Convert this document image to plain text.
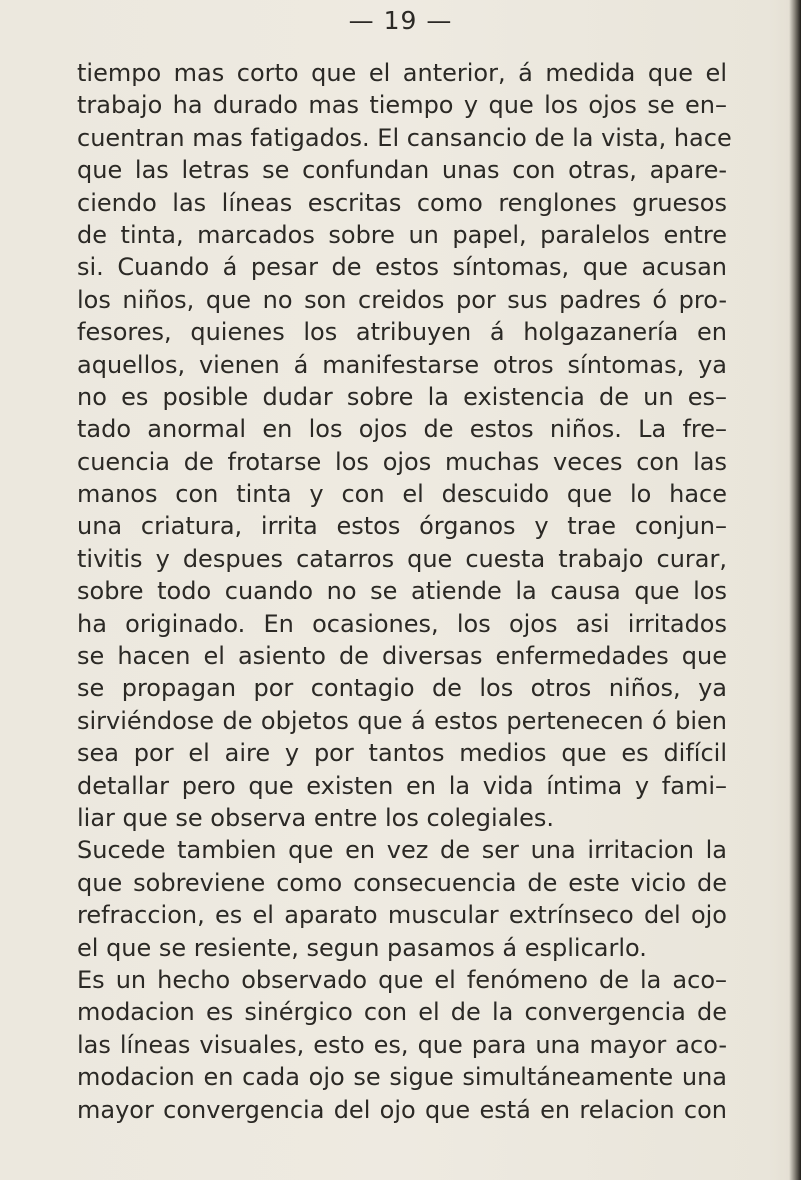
— 19 —
tiempo mas corto que el anterior, á medida que el
trabajo ha durado mas tiempo y que los ojos se en–
cuentran mas fatigados. El cansancio de la vista, hace
que las letras se confundan unas con otras, apare-
ciendo las líneas escritas como renglones gruesos
de tinta, marcados sobre un papel, paralelos entre
si. Cuando á pesar de estos síntomas, que acusan
los niños, que no son creidos por sus padres ó pro-
fesores, quienes los atribuyen á holgazanería en
aquellos, vienen á manifestarse otros síntomas, ya
no es posible dudar sobre la existencia de un es–
tado anormal en los ojos de estos niños. La fre–
cuencia de frotarse los ojos muchas veces con las
manos con tinta y con el descuido que lo hace
una criatura, irrita estos órganos y trae conjun–
tivitis y despues catarros que cuesta trabajo curar,
sobre todo cuando no se atiende la causa que los
ha originado. En ocasiones, los ojos asi irritados
se hacen el asiento de diversas enfermedades que
se propagan por contagio de los otros niños, ya
sirviéndose de objetos que á estos pertenecen ó bien
sea por el aire y por tantos medios que es difícil
detallar pero que existen en la vida íntima y fami–
liar que se observa entre los colegiales.
Sucede tambien que en vez de ser una irritacion la
que sobreviene como consecuencia de este vicio de
refraccion, es el aparato muscular extrínseco del ojo
el que se resiente, segun pasamos á esplicarlo.
Es un hecho observado que el fenómeno de la aco–
modacion es sinérgico con el de la convergencia de
las líneas visuales, esto es, que para una mayor aco-
modacion en cada ojo se sigue simultáneamente una
mayor convergencia del ojo que está en relacion con
